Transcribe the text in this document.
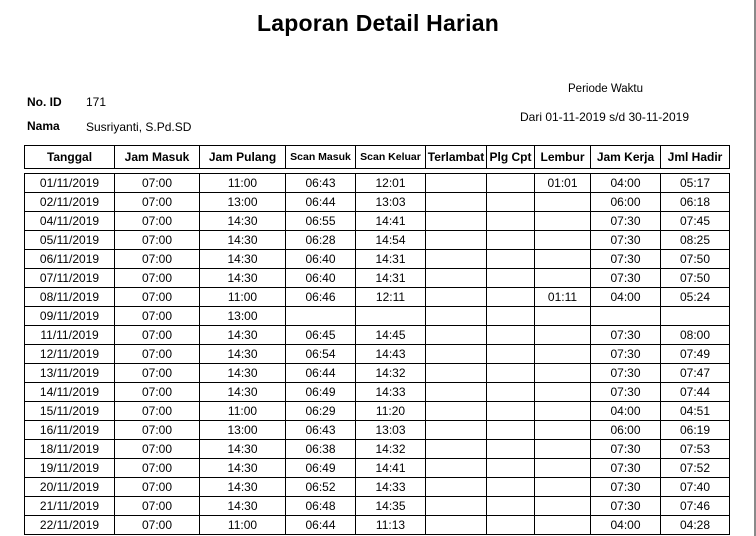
Laporan Detail Harian
No. ID 171
Nama Susriyanti, S.Pd.SD
Periode Waktu
Dari 01-11-2019 s/d 30-11-2019
Tanggal	Jam Masuk	Jam Pulang	Scan Masuk	Scan Keluar	Terlambat	Plg Cpt	Lembur	Jam Kerja	Jml Hadir
01/11/2019	07:00	11:00	06:43	12:01			01:01	04:00	05:17
02/11/2019	07:00	13:00	06:44	13:03				06:00	06:18
04/11/2019	07:00	14:30	06:55	14:41				07:30	07:45
05/11/2019	07:00	14:30	06:28	14:54				07:30	08:25
06/11/2019	07:00	14:30	06:40	14:31				07:30	07:50
07/11/2019	07:00	14:30	06:40	14:31				07:30	07:50
08/11/2019	07:00	11:00	06:46	12:11			01:11	04:00	05:24
09/11/2019	07:00	13:00							
11/11/2019	07:00	14:30	06:45	14:45				07:30	08:00
12/11/2019	07:00	14:30	06:54	14:43				07:30	07:49
13/11/2019	07:00	14:30	06:44	14:32				07:30	07:47
14/11/2019	07:00	14:30	06:49	14:33				07:30	07:44
15/11/2019	07:00	11:00	06:29	11:20				04:00	04:51
16/11/2019	07:00	13:00	06:43	13:03				06:00	06:19
18/11/2019	07:00	14:30	06:38	14:32				07:30	07:53
19/11/2019	07:00	14:30	06:49	14:41				07:30	07:52
20/11/2019	07:00	14:30	06:52	14:33				07:30	07:40
21/11/2019	07:00	14:30	06:48	14:35				07:30	07:46
22/11/2019	07:00	11:00	06:44	11:13				04:00	04:28
